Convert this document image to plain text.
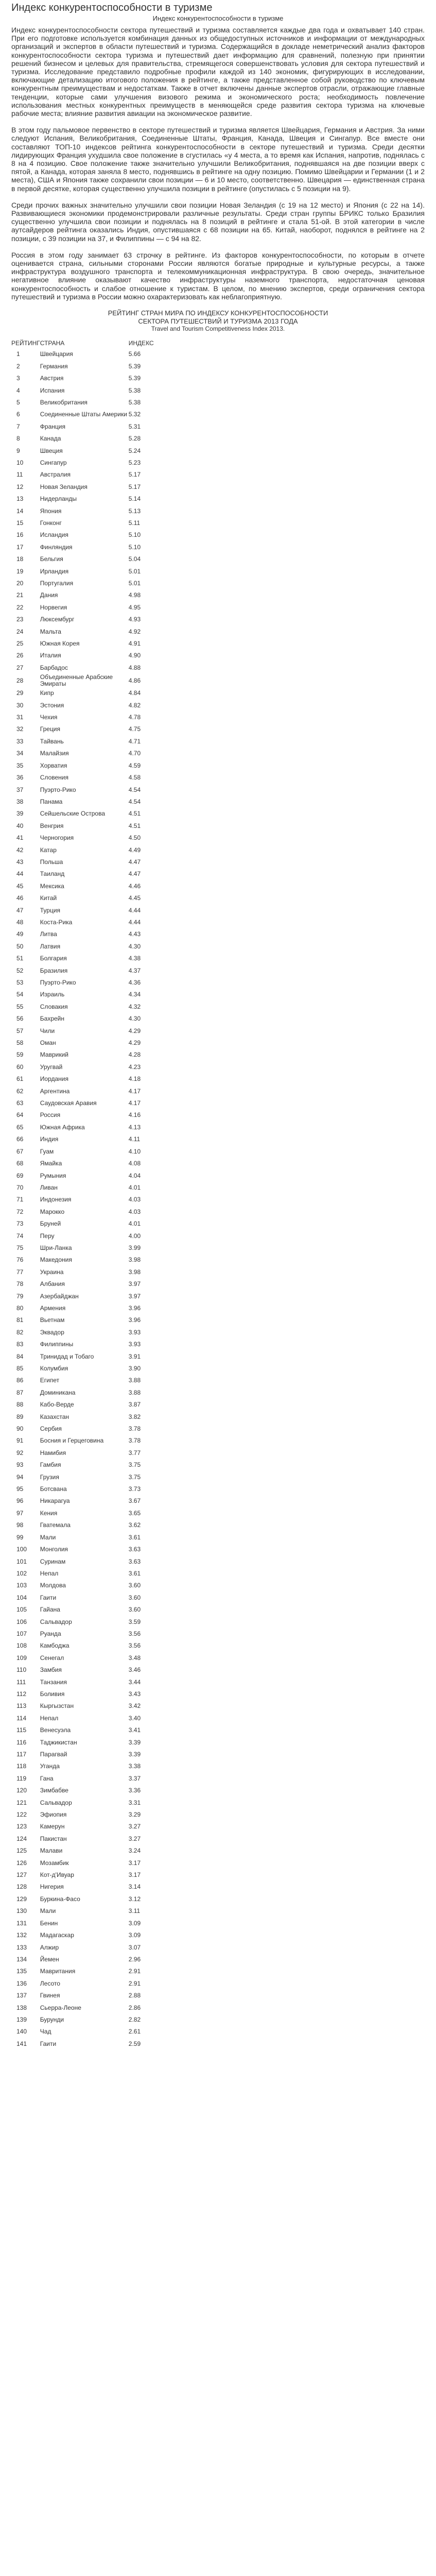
Индекс конкурентоспособности в туризме
Индекс конкурентоспособности в туризме

Индекс конкурентоспособности сектора путешествий и туризма составляется каждые два года и охватывает 140 стран. При его подготовке используется комбинация данных из общедоступных источников и информации от международных организаций и экспертов в области путешествий и туризма. Содержащийся в докладе неметрический анализ факторов конкурентоспособности сектора туризма и путешествий дает информацию для сравнений, полезную при принятии решений бизнесом и целевых для правительства, стремящегося совершенствовать условия для сектора путешествий и туризма. Исследование представило подробные профили каждой из 140 экономик, фигурирующих в исследовании, включающие детализацию итогового положения в рейтинге, а также представленное собой руководство по ключевым конкурентным преимуществам и недостаткам. Также в отчет включены данные экспертов отрасли, отражающие главные тенденции, которые сами улучшения визового режима и экономического роста; необходимость повлечение использования местных конкурентных преимуществ в меняющейся среде развития сектора туризма на ключевые рабочие места; влияние развития авиации на экономическое развитие.

В этом году пальмовое первенство в секторе путешествий и туризма является Швейцария, Германия и Австрия. За ними следуют Испания, Великобритания, Соединенные Штаты, Франция, Канада, Швеция и Сингапур. Все вместе они составляют ТОП-10 индексов рейтинга конкурентоспособности в секторе путешествий и туризма. Среди десятки лидирующих Франция ухудшила свое положение в сгустилась «у 4 места, а то время как Испания, напротив, поднялась с 8 на 4 позицию. Свое положение также значительно улучшили Великобритания, поднявшаяся на две позиции вверх с пятой, а Канада, которая заняла 8 место, поднявшись в рейтинге на одну позицию. Помимо Швейцарии и Германии (1 и 2 места), США и Япония также сохранили свои позиции — 6 и 10 место, соответственно. Швецария — единственная страна в первой десятке, которая существенно улучшила позиции в рейтинге (опустилась с 5 позиции на 9).

Среди прочих важных значительно улучшили свои позиции Новая Зеландия (с 19 на 12 место) и Япония (с 22 на 14). Развивающиеся экономики продемонстрировали различные результаты. Среди стран группы БРИКС только Бразилия существенно улучшила свои позиции и поднялась на 8 позиций в рейтинге и стала 51-ой. В этой категории в числе аутсайдеров рейтинга оказались Индия, опустившаяся с 68 позиции на 65. Китай, наоборот, поднялся в рейтинге на 2 позиции, с 39 позиции на 37, и Филиппины — с 94 на 82.

Россия в этом году занимает 63 строчку в рейтинге. Из факторов конкурентоспособности, по которым в отчете оценивается страна, сильными сторонами России являются богатые природные и культурные ресурсы, а также инфраструктура воздушного транспорта и телекоммуникационная инфраструктура. В свою очередь, значительное негативное влияние оказывают качество инфраструктуры наземного транспорта, недостаточная ценовая конкурентоспособность и слабое отношение к туристам. В целом, по мнению экспертов, среди ограничения сектора путешествий и туризма в России можно охарактеризовать как неблагоприятную.

РЕЙТИНГ СТРАН МИРА ПО ИНДЕКСУ КОНКУРЕНТОСПОСОБНОСТИ
СЕКТОРА ПУТЕШЕСТВИЙ И ТУРИЗМА 2013 ГОДА
Travel and Tourism Competitiveness Index 2013.
РЕЙТИНГ	СТРАНА	ИНДЕКС
1	Швейцария	5.66
2	Германия	5.39
3	Австрия	5.39
4	Испания	5.38
5	Великобритания	5.38
6	Соединенные Штаты Америки	5.32
7	Франция	5.31
8	Канада	5.28
9	Швеция	5.24
10	Сингапур	5.23
11	Австралия	5.17
12	Новая Зеландия	5.17
13	Нидерланды	5.14
14	Япония	5.13
15	Гонконг	5.11
16	Исландия	5.10
17	Финляндия	5.10
18	Бельгия	5.04
19	Ирландия	5.01
20	Португалия	5.01
21	Дания	4.98
22	Норвегия	4.95
23	Люксембург	4.93
24	Мальта	4.92
25	Южная Корея	4.91
26	Италия	4.90
27	Барбадос	4.88
28	Объединенные Арабские Эмираты	4.86
29	Кипр	4.84
30	Эстония	4.82
31	Чехия	4.78
32	Греция	4.75
33	Тайвань	4.71
34	Малайзия	4.70
35	Хорватия	4.59
36	Словения	4.58
37	Пуэрто-Рико	4.54
38	Панама	4.54
39	Сейшельские Острова	4.51
40	Венгрия	4.51
41	Черногория	4.50
42	Катар	4.49
43	Польша	4.47
44	Таиланд	4.47
45	Мексика	4.46
46	Китай	4.45
47	Турция	4.44
48	Коста-Рика	4.44
49	Литва	4.43
50	Латвия	4.30
51	Болгария	4.38
52	Бразилия	4.37
53	Пуэрто-Рико	4.36
54	Израиль	4.34
55	Словакия	4.32
56	Бахрейн	4.30
57	Чили	4.29
58	Оман	4.29
59	Маврикий	4.28
60	Уругвай	4.23
61	Иордания	4.18
62	Аргентина	4.17
63	Саудовская Аравия	4.17
64	Россия	4.16
65	Южная Африка	4.13
66	Индия	4.11
67	Гуам	4.10
68	Ямайка	4.08
69	Румыния	4.04
70	Ливан	4.01
71	Индонезия	4.03
72	Марокко	4.03
73	Бруней	4.01
74	Перу	4.00
75	Шри-Ланка	3.99
76	Македония	3.98
77	Украина	3.98
78	Албания	3.97
79	Азербайджан	3.97
80	Армения	3.96
81	Вьетнам	3.96
82	Эквадор	3.93
83	Филиппины	3.93
84	Тринидад и Тобаго	3.91
85	Колумбия	3.90
86	Египет	3.88
87	Доминикана	3.88
88	Кабо-Верде	3.87
89	Казахстан	3.82
90	Сербия	3.78
91	Босния и Герцеговина	3.78
92	Намибия	3.77
93	Гамбия	3.75
94	Грузия	3.75
95	Ботсвана	3.73
96	Никарагуа	3.67
97	Кения	3.65
98	Гватемала	3.62
99	Мали	3.61
100	Монголия	3.63
101	Суринам	3.63
102	Непал	3.61
103	Молдова	3.60
104	Гаити	3.60
105	Гайана	3.60
106	Сальвадор	3.59
107	Руанда	3.56
108	Камбоджа	3.56
109	Сенегал	3.48
110	Замбия	3.46
111	Танзания	3.44
112	Боливия	3.43
113	Кыргызстан	3.42
114	Непал	3.40
115	Венесуэла	3.41
116	Таджикистан	3.39
117	Парагвай	3.39
118	Уганда	3.38
119	Гана	3.37
120	Зимбабве	3.36
121	Сальвадор	3.31
122	Эфиопия	3.29
123	Камерун	3.27
124	Пакистан	3.27
125	Малави	3.24
126	Мозамбик	3.17
127	Кот-д'Ивуар	3.17
128	Нигерия	3.14
129	Буркина-Фасо	3.12
130	Мали	3.11
131	Бенин	3.09
132	Мадагаскар	3.09
133	Алжир	3.07
134	Йемен	2.96
135	Мавритания	2.91
136	Лесото	2.91
137	Гвинея	2.88
138	Сьерра-Леоне	2.86
139	Бурунди	2.82
140	Чад	2.61
141	Гаити	2.59
